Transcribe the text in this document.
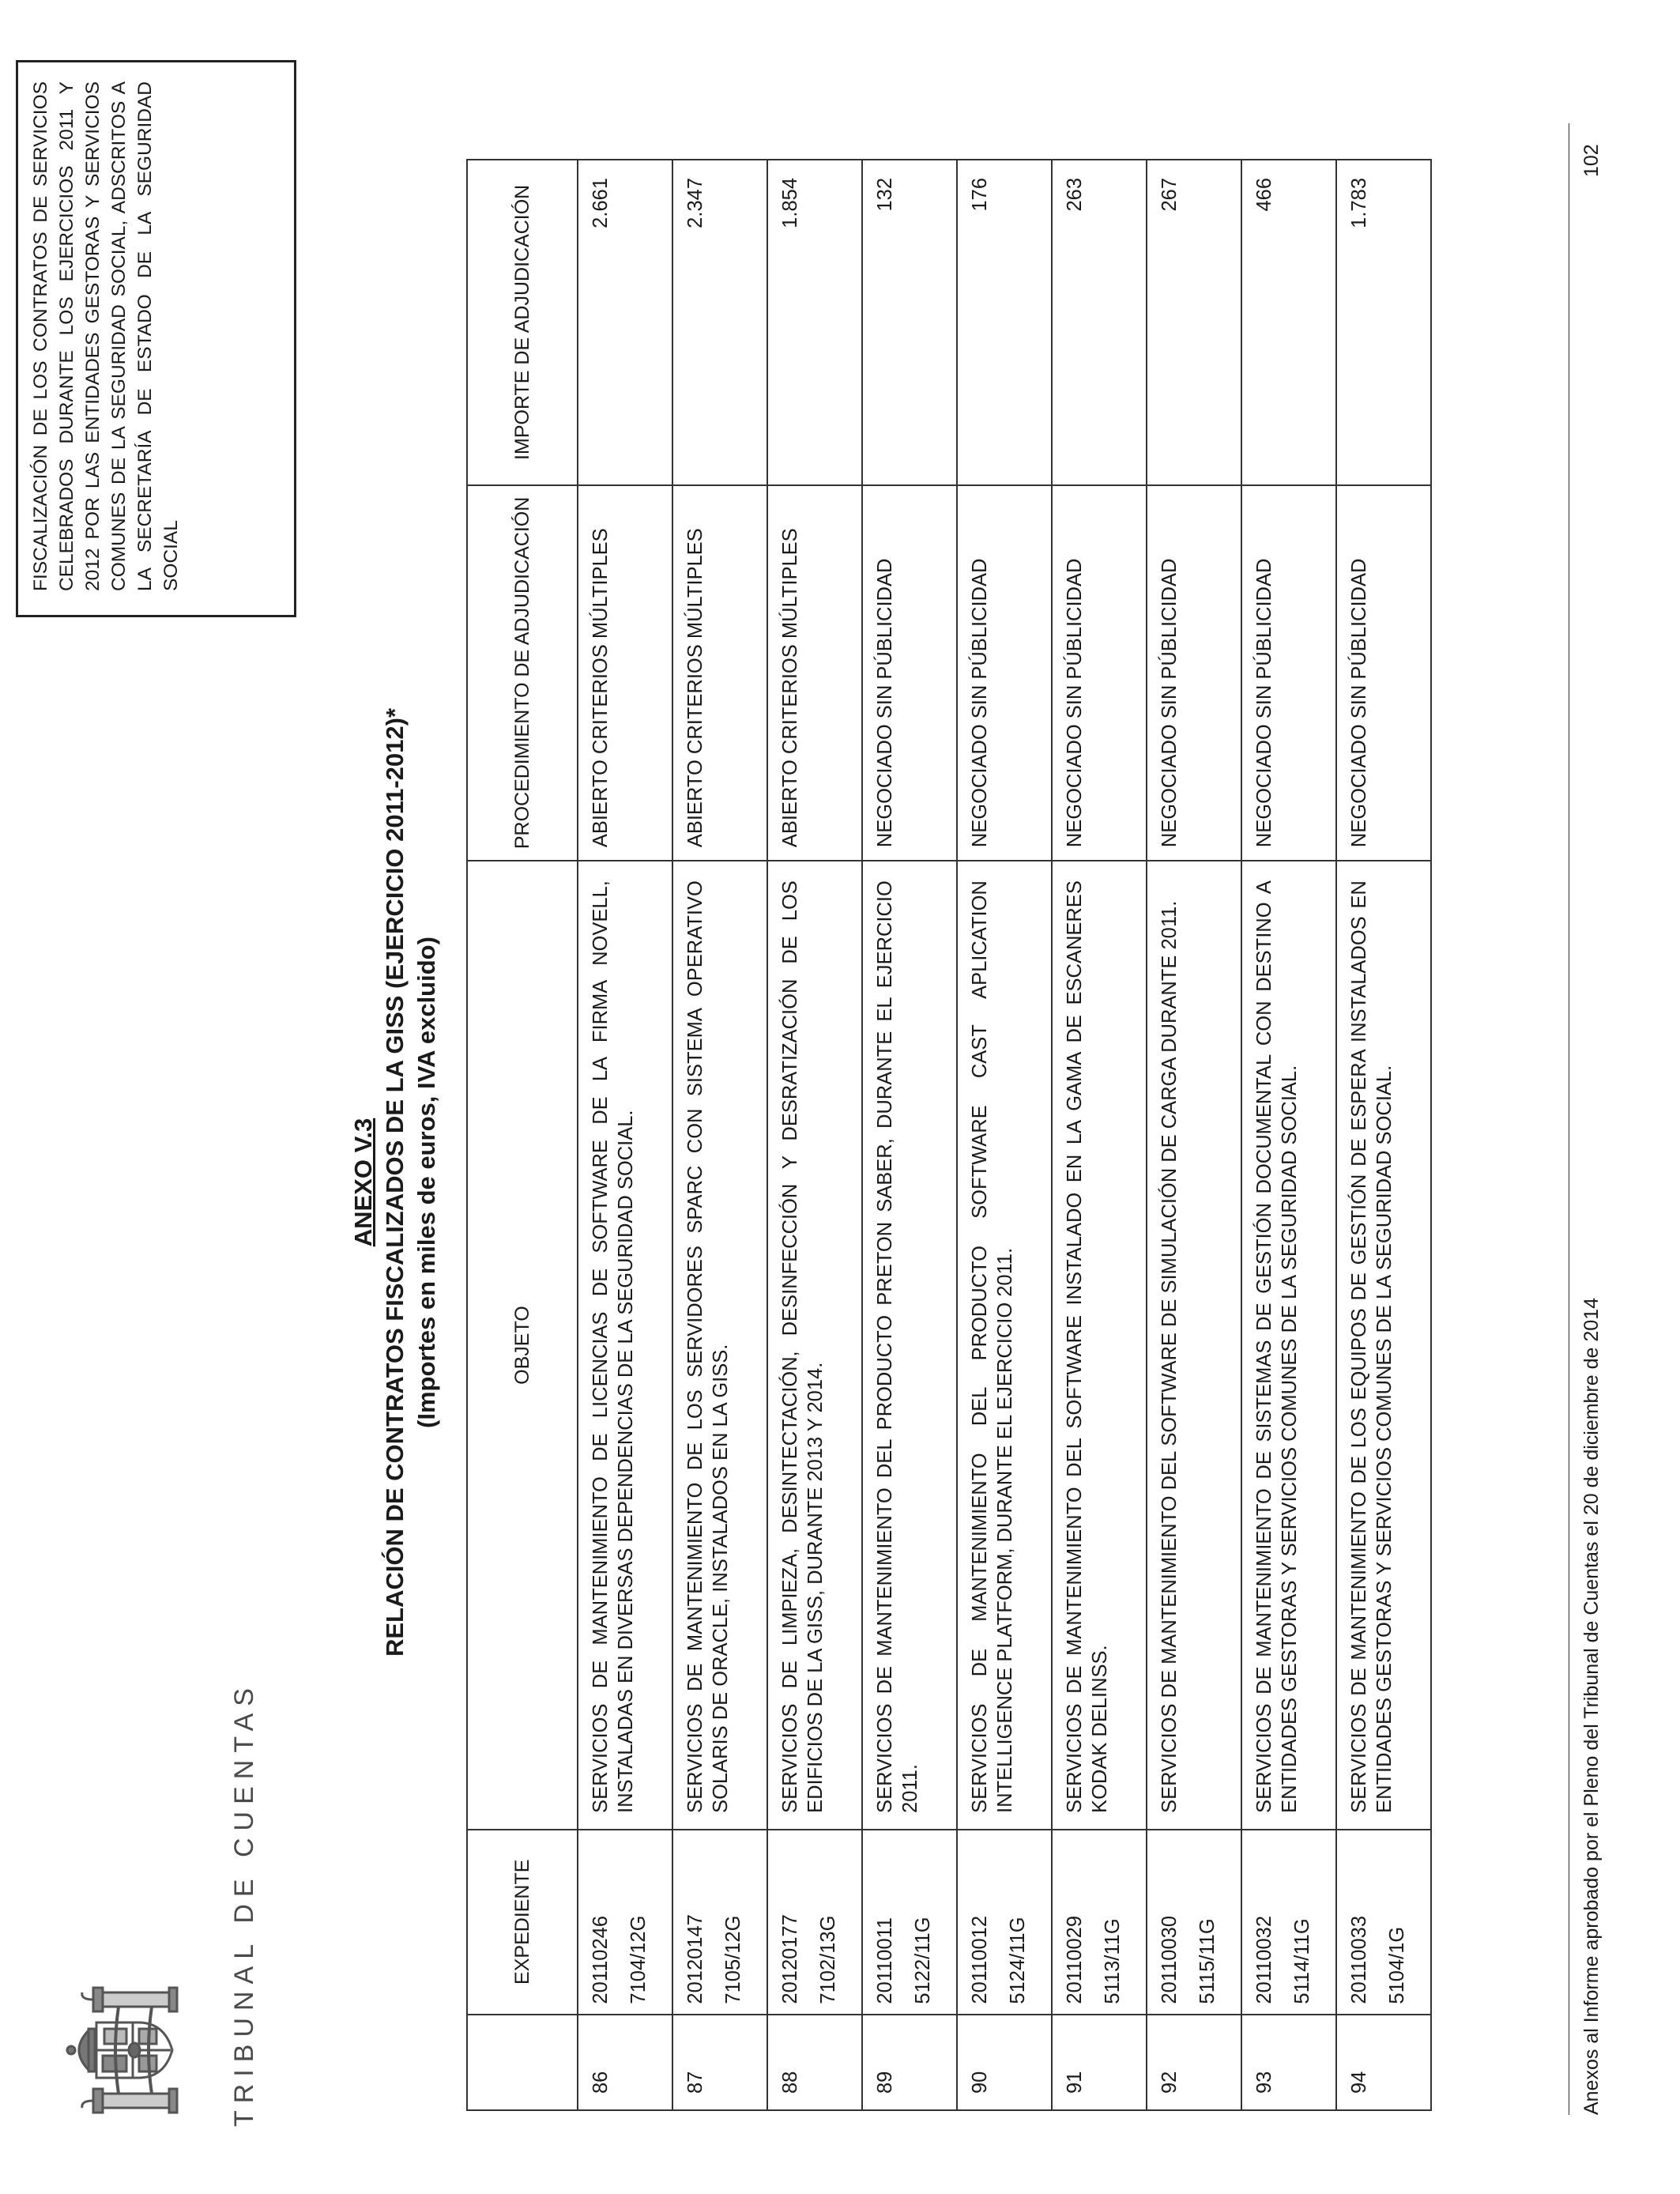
TRIBUNAL DE CUENTAS
FISCALIZACIÓN DE LOS CONTRATOS DE SERVICIOS CELEBRADOS DURANTE LOS EJERCICIOS 2011 Y 2012 POR LAS ENTIDADES GESTORAS Y SERVICIOS COMUNES DE LA SEGURIDAD SOCIAL, ADSCRITOS A LA SECRETARÍA DE ESTADO DE LA SEGURIDAD SOCIAL

ANEXO V.3 RELACIÓN DE CONTRATOS FISCALIZADOS DE LA GISS (EJERCICIO 2011-2012)* (Importes en miles de euros, IVA excluido)

	EXPEDIENTE	OBJETO	PROCEDIMIENTO DE ADJUDICACIÓN	IMPORTE DE ADJUDICACIÓN
86	20110246 7104/12G	SERVICIOS DE MANTENIMIENTO DE LICENCIAS DE SOFTWARE DE LA FIRMA NOVELL, INSTALADAS EN DIVERSAS DEPENDENCIAS DE LA SEGURIDAD SOCIAL.	ABIERTO CRITERIOS MÚLTIPLES	2.661
87	20120147 7105/12G	SERVICIOS DE MANTENIMIENTO DE LOS SERVIDORES SPARC CON SISTEMA OPERATIVO SOLARIS DE ORACLE, INSTALADOS EN LA GISS.	ABIERTO CRITERIOS MÚLTIPLES	2.347
88	20120177 7102/13G	SERVICIOS DE LIMPIEZA, DESINTECTACIÓN, DESINFECCIÓN Y DESRATIZACIÓN DE LOS EDIFICIOS DE LA GISS, DURANTE 2013 Y 2014.	ABIERTO CRITERIOS MÚLTIPLES	1.854
89	20110011 5122/11G	SERVICIOS DE MANTENIMIENTO DEL PRODUCTO PRETON SABER, DURANTE EL EJERCICIO 2011.	NEGOCIADO SIN PÚBLICIDAD	132
90	20110012 5124/11G	SERVICIOS DE MANTENIMIENTO DEL PRODUCTO SOFTWARE CAST APLICATION INTELLIGENCE PLATFORM, DURANTE EL EJERCICIO 2011.	NEGOCIADO SIN PÚBLICIDAD	176
91	20110029 5113/11G	SERVICIOS DE MANTENIMIENTO DEL SOFTWARE INSTALADO EN LA GAMA DE ESCANERES KODAK DELINSS.	NEGOCIADO SIN PÚBLICIDAD	263
92	20110030 5115/11G	SERVICIOS DE MANTENIMIENTO DEL SOFTWARE DE SIMULACIÓN DE CARGA DURANTE 2011.	NEGOCIADO SIN PÚBLICIDAD	267
93	20110032 5114/11G	SERVICIOS DE MANTENIMIENTO DE SISTEMAS DE GESTIÓN DOCUMENTAL CON DESTINO A ENTIDADES GESTORAS Y SERVICIOS COMUNES DE LA SEGURIDAD SOCIAL.	NEGOCIADO SIN PÚBLICIDAD	466
94	20110033 5104/1G	SERVICIOS DE MANTENIMIENTO DE LOS EQUIPOS DE GESTIÓN DE ESPERA INSTALADOS EN ENTIDADES GESTORAS Y SERVICIOS COMUNES DE LA SEGURIDAD SOCIAL.	NEGOCIADO SIN PÚBLICIDAD	1.783
Anexos al Informe aprobado por el Pleno del Tribunal de Cuentas el 20 de diciembre de 2014
102
